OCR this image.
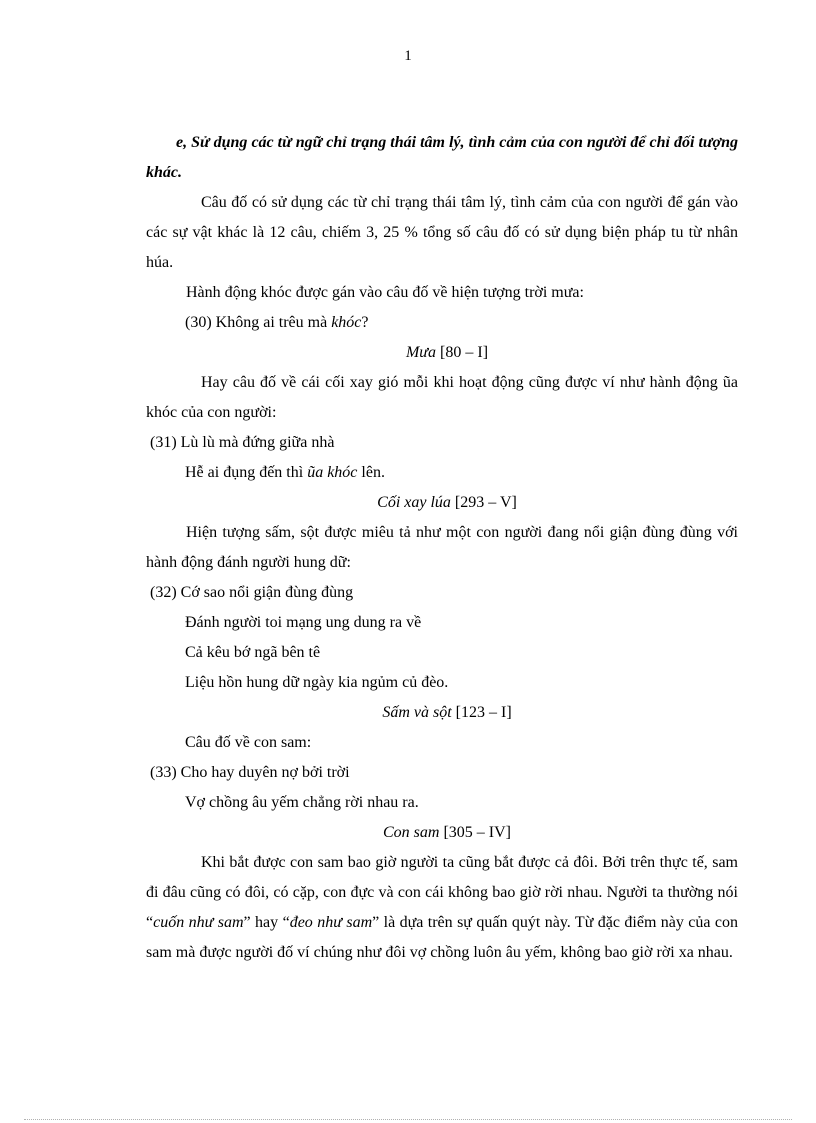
1

e, Sử dụng các từ ngữ chỉ trạng thái tâm lý, tình cảm của con người để chỉ đối tượng khác.

Câu đố có sử dụng các từ chỉ trạng thái tâm lý, tình cảm của con người để gán vào các sự vật khác là 12 câu, chiếm 3, 25 % tổng số câu đố có sử dụng biện pháp tu từ nhân húa.

Hành động khóc được gán vào câu đố về hiện tượng trời mưa:

(30) Không ai trêu mà khóc?

Mưa [80 – I]

Hay câu đố về cái cối xay gió mỗi khi hoạt động cũng được ví như hành động ũa khóc của con người:

(31) Lù lù mà đứng giữa nhà

Hễ ai đụng đến thì ũa khóc lên.

Cối xay lúa [293 – V]

Hiện tượng sấm, sột được miêu tả như một con người đang nổi giận đùng đùng với hành động đánh người hung dữ:

(32) Cớ sao nổi giận đùng đùng

Đánh người toi mạng ung dung ra về

Cả kêu bớ ngã bên tê

Liệu hồn hung dữ ngày kia ngủm củ đèo.

Sấm và sột [123 – I]

Câu đố về con sam:

(33) Cho hay duyên nợ bởi trời

Vợ chồng âu yếm chẳng rời nhau ra.

Con sam [305 – IV]

Khi bắt được con sam bao giờ người ta cũng bắt được cả đôi. Bởi trên thực tế, sam đi đâu cũng có đôi, có cặp, con đực và con cái không bao giờ rời nhau. Người ta thường nói “cuốn như sam” hay “đeo như sam” là dựa trên sự quấn quýt này. Từ đặc điểm này của con sam mà được người đố ví chúng như đôi vợ chồng luôn âu yếm, không bao giờ rời xa nhau.
